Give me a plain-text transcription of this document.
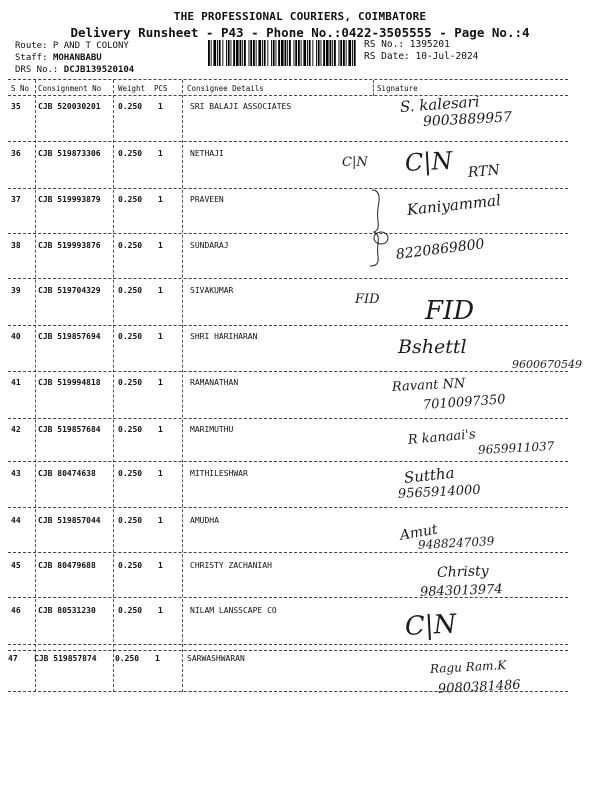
THE PROFESSIONAL COURIERS, COIMBATORE
Delivery Runsheet - P43 - Phone No.:0422-3505555 - Page No.:4
Route: P AND T COLONY
Staff: MOHANBABU
DRS No.: DCJB139520104
RS No.: 1395201
RS Date: 10-Jul-2024
S No Consignment No Weight PCS	Consignee Details	Signature
35 CJB 520030201 0.250 1	SRI BALAJI ASSOCIATES	S. kalesari
9003889957
36 CJB 519873306 0.250 1	NETHAJI
C|N C|N RTN
37 CJB 519993879 0.250 1	PRAVEEN	Kaniyammal
38 CJB 519993876 0.250 1	SUNDARAJ	8220869800
39 CJB 519704329 0.250 1	SIVAKUMAR
FID FID
40 CJB 519857694 0.250 1	SHRI HARIHARAN	Bshettl
9600670549
41 CJB 519994818 0.250 1	RAMANATHAN	Ravant NN
7010097350
42 CJB 519857684 0.250 1	MARIMUTHU	R kanaai's
9659911037
43 CJB 80474638	0.250 1	MITHILESHWAR	Suttha
9565914000
44 CJB 519857044 0.250 1	AMUDHA
Amut
9488247039
45 CJB 80479688	0.250 1	CHRISTY ZACHANIAH	Christy
9843013974
46 CJB 80531230	0.250 1	NILAM LANSSCAPE CO	C|N
47 CJB 519857874 0.250 1	SARWASHWARAN	Ragu Ram.K
9080381486
